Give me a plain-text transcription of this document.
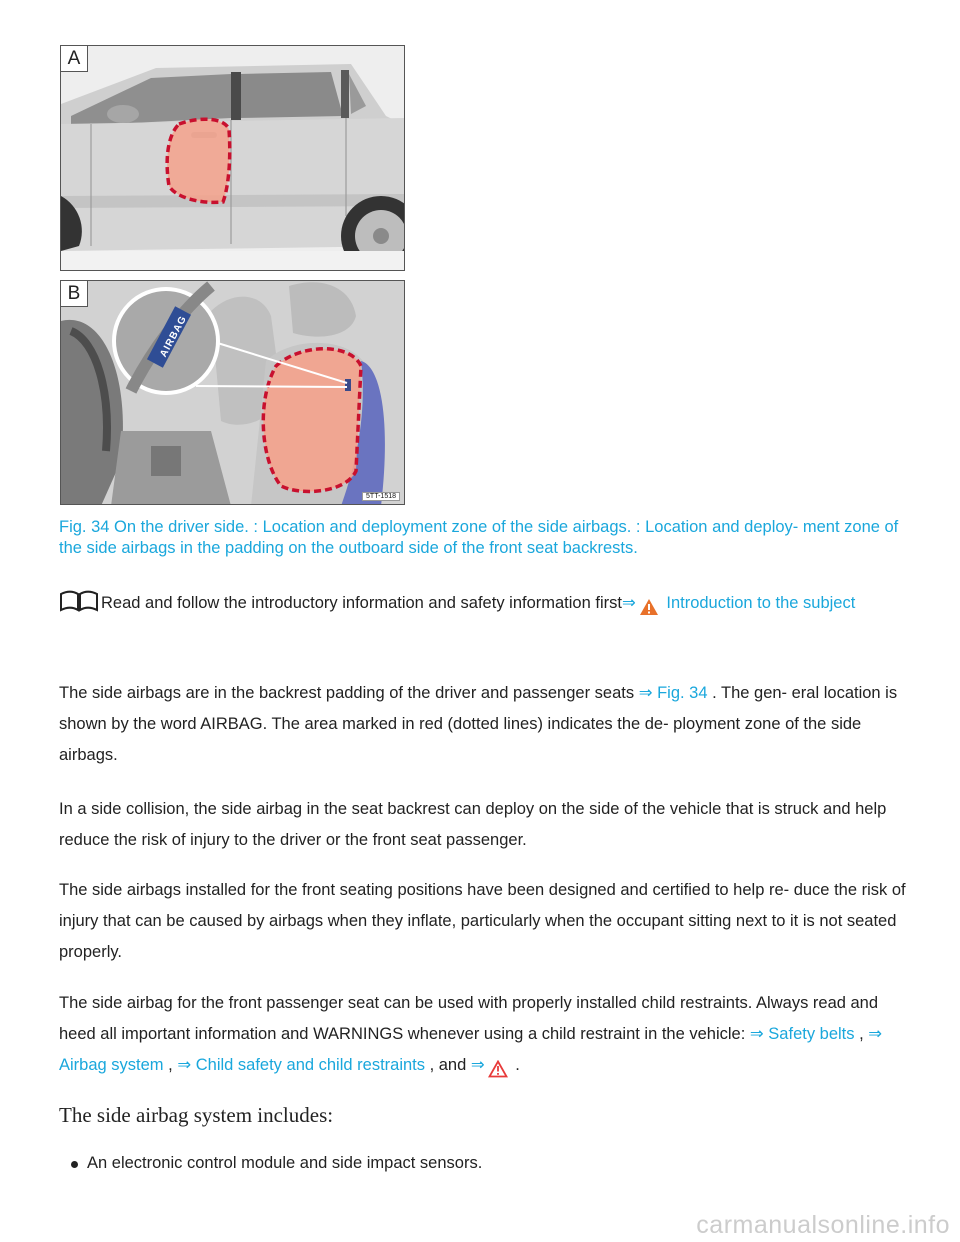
A
B
AIRBAG
5TT-1518
Fig. 34 On the driver side. : Location and deployment zone of the side airbags. : Location and deploy- ment zone of the side airbags in the padding on the outboard side of the front seat backrests.
Read and follow the introductory information and safety information first⇒ Introduction to the subject
The side airbags are in the backrest padding of the driver and passenger seats ⇒ Fig. 34 . The gen- eral location is shown by the word AIRBAG. The area marked in red (dotted lines) indicates the de- ployment zone of the side airbags.
In a side collision, the side airbag in the seat backrest can deploy on the side of the vehicle that is struck and help reduce the risk of injury to the driver or the front seat passenger.
The side airbags installed for the front seating positions have been designed and certified to help re- duce the risk of injury that can be caused by airbags when they inflate, particularly when the occupant sitting next to it is not seated properly.
The side airbag for the front passenger seat can be used with properly installed child restraints. Always read and heed all important information and WARNINGS whenever using a child restraint in the vehicle: ⇒ Safety belts , ⇒ Airbag system , ⇒ Child safety and child restraints , and ⇒ .
The side airbag system includes:
An electronic control module and side impact sensors.
carmanualsonline.info
